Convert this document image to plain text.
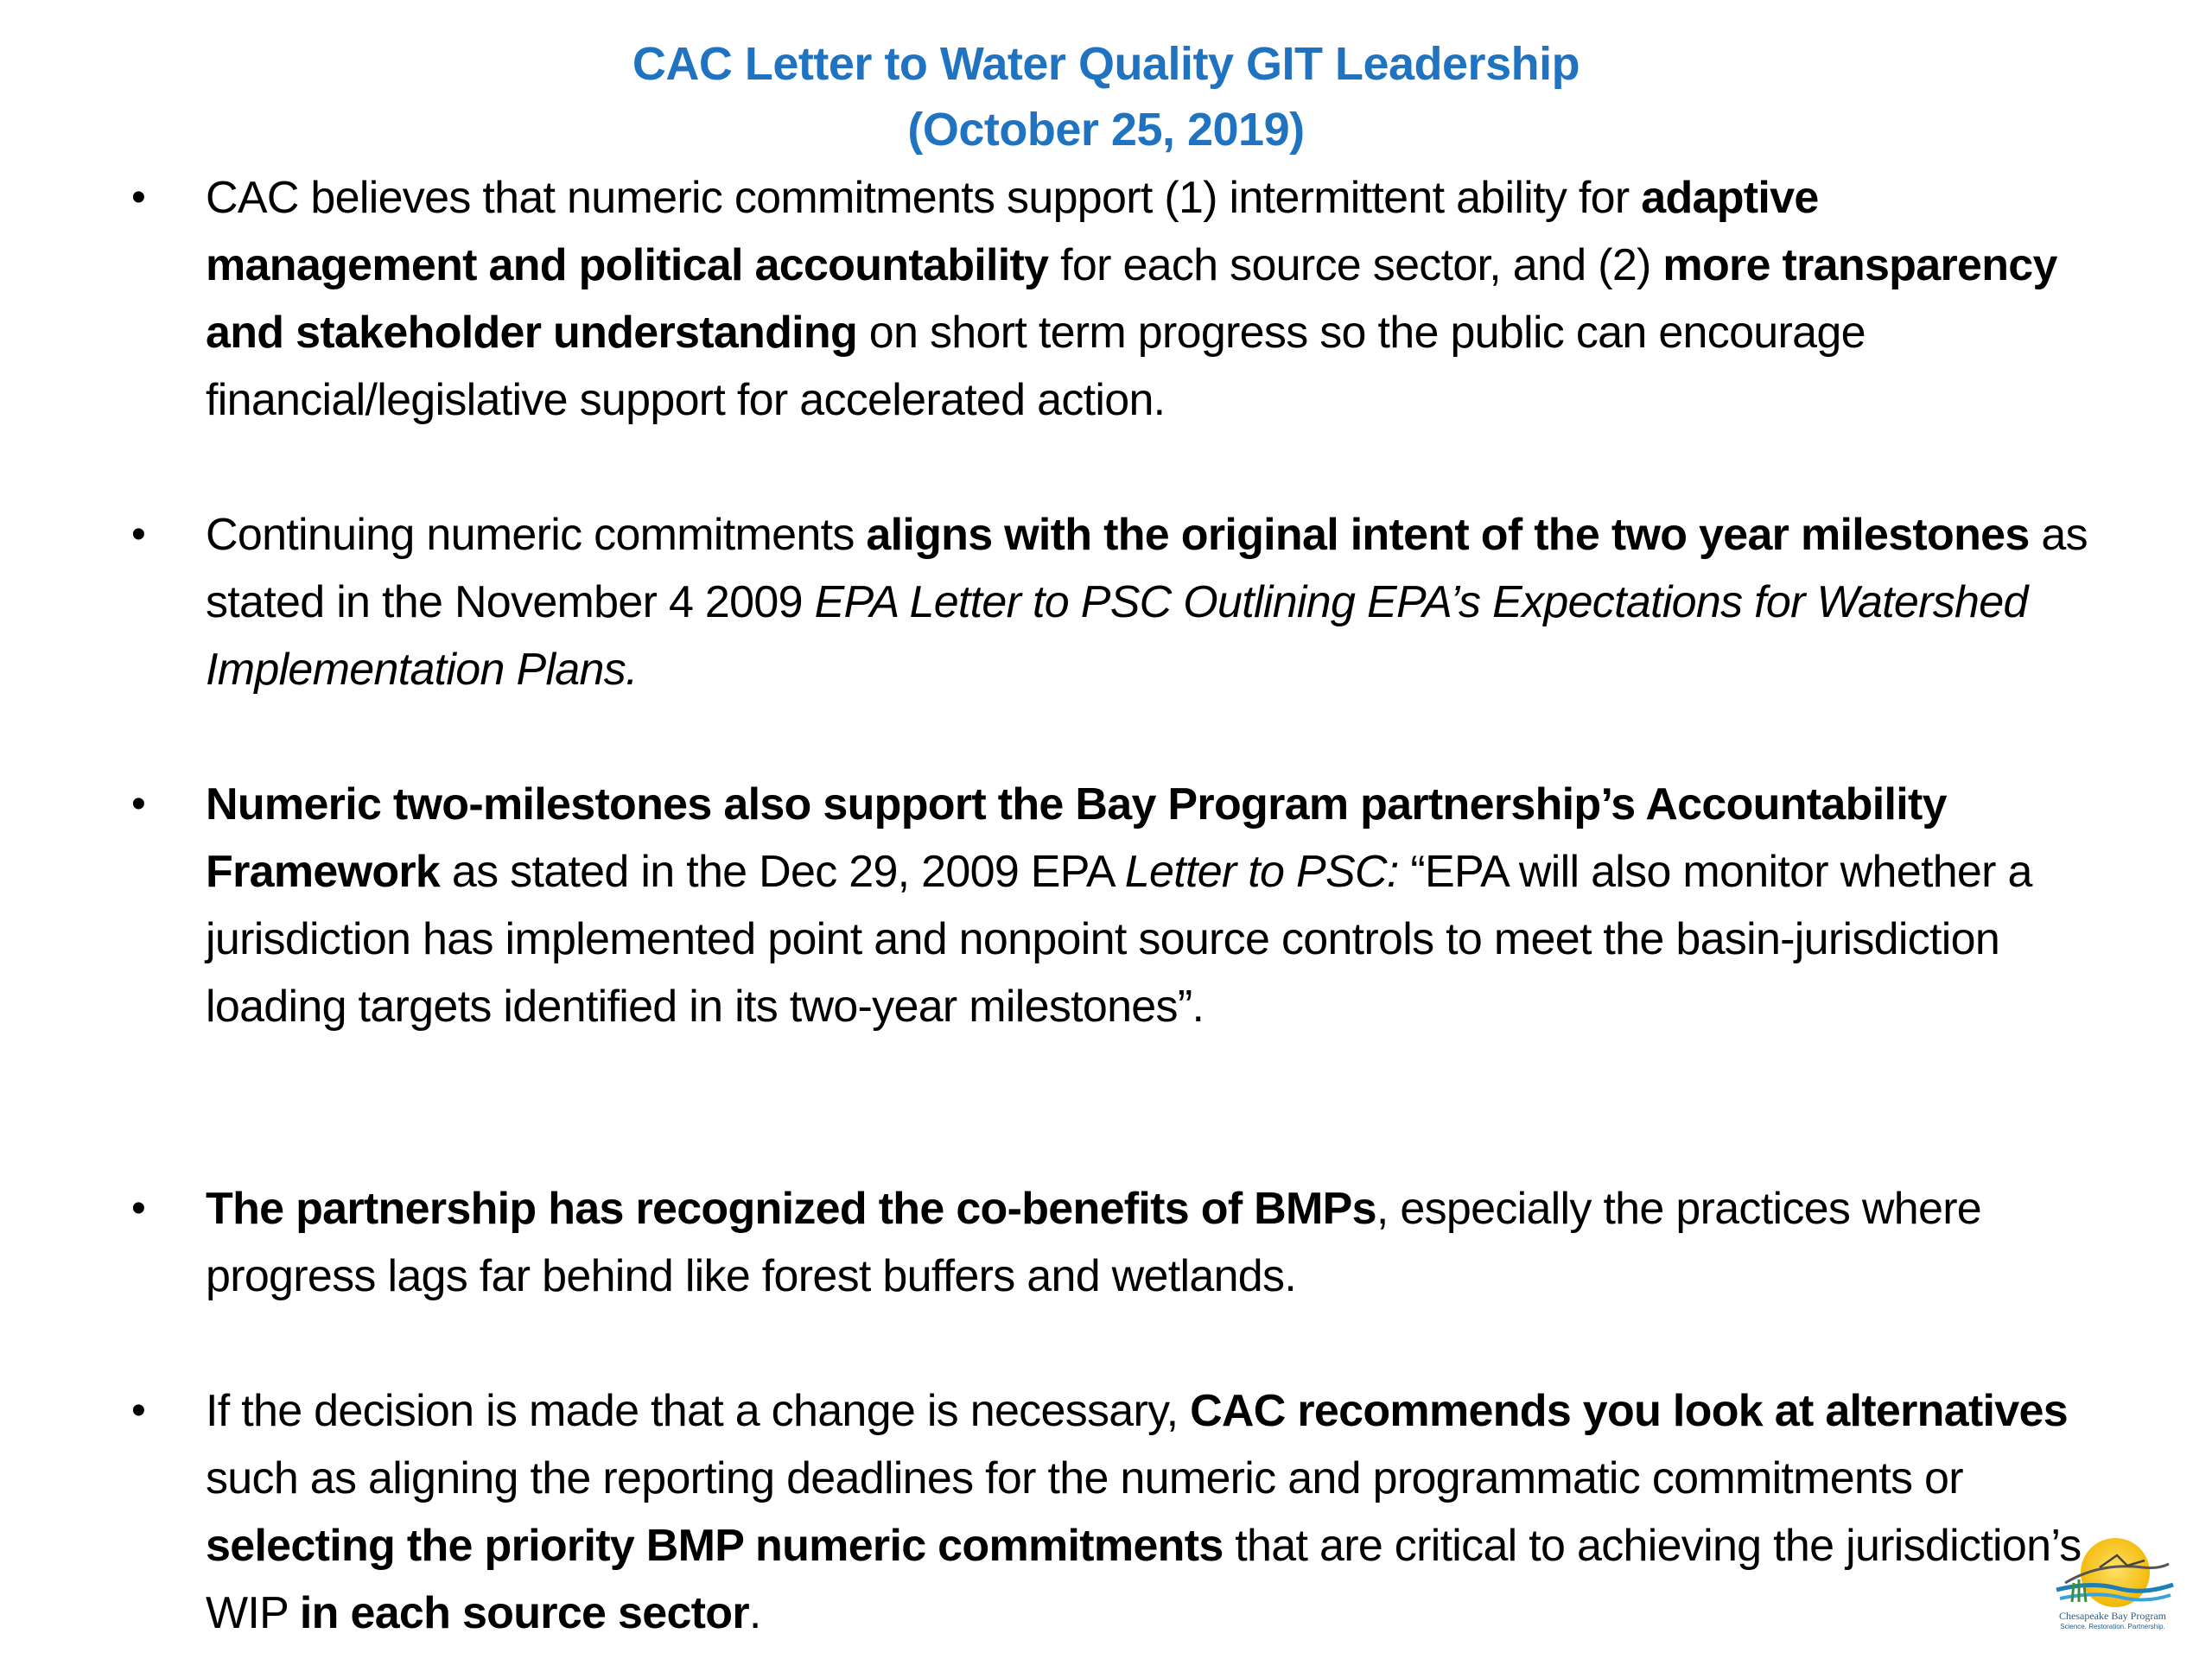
CAC Letter to Water Quality GIT Leadership
(October 25, 2019)
• CAC believes that numeric commitments support (1) intermittent ability for adaptive management and political accountability for each source sector, and (2) more transparency and stakeholder understanding on short term progress so the public can encourage financial/legislative support for accelerated action.
• Continuing numeric commitments aligns with the original intent of the two year milestones as stated in the November 4 2009 EPA Letter to PSC Outlining EPA’s Expectations for Watershed Implementation Plans.
• Numeric two-milestones also support the Bay Program partnership’s Accountability Framework as stated in the Dec 29, 2009 EPA Letter to PSC: “EPA will also monitor whether a jurisdiction has implemented point and nonpoint source controls to meet the basin-jurisdiction loading targets identified in its two-year milestones”.
• The partnership has recognized the co-benefits of BMPs, especially the practices where progress lags far behind like forest buffers and wetlands.
• If the decision is made that a change is necessary, CAC recommends you look at alternatives such as aligning the reporting deadlines for the numeric and programmatic commitments or selecting the priority BMP numeric commitments that are critical to achieving the jurisdiction’s WIP in each source sector.	Chesapeake Bay Program
Science. Restoration. Partnership.
